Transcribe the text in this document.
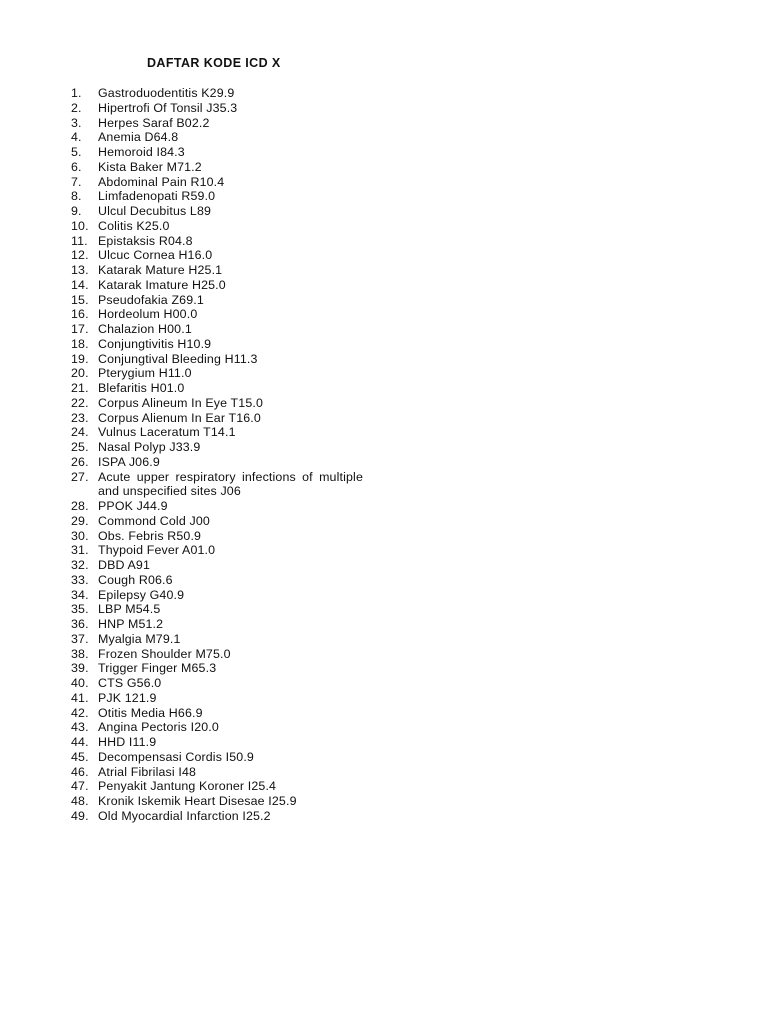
DAFTAR KODE ICD X
1.	Gastroduodentitis K29.9
2.	Hipertrofi Of Tonsil J35.3
3.	Herpes Saraf B02.2
4.	Anemia D64.8
5.	Hemoroid I84.3
6.	Kista Baker M71.2
7.	Abdominal Pain R10.4
8.	Limfadenopati R59.0
9.	Ulcul Decubitus L89
10. Colitis K25.0
11. Epistaksis R04.8
12. Ulcuc Cornea H16.0
13. Katarak Mature H25.1
14. Katarak Imature H25.0
15. Pseudofakia Z69.1
16. Hordeolum H00.0
17. Chalazion H00.1
18. Conjungtivitis H10.9
19. Conjungtival Bleeding H11.3
20. Pterygium H11.0
21. Blefaritis H01.0
22. Corpus Alineum In Eye T15.0
23. Corpus Alienum In Ear T16.0
24. Vulnus Laceratum T14.1
25. Nasal Polyp J33.9
26. ISPA J06.9
27. Acute upper respiratory infections of multiple and unspecified sites J06
28. PPOK J44.9
29. Commond Cold J00
30. Obs. Febris R50.9
31. Thypoid Fever A01.0
32. DBD A91
33. Cough R06.6
34. Epilepsy G40.9
35. LBP M54.5
36. HNP M51.2
37. Myalgia M79.1
38. Frozen Shoulder M75.0
39. Trigger Finger M65.3
40. CTS G56.0
41. PJK 121.9
42. Otitis Media H66.9
43. Angina Pectoris I20.0
44. HHD I11.9
45. Decompensasi Cordis I50.9
46. Atrial Fibrilasi I48
47. Penyakit Jantung Koroner I25.4
48. Kronik Iskemik Heart Disesae I25.9
49. Old Myocardial Infarction I25.2
